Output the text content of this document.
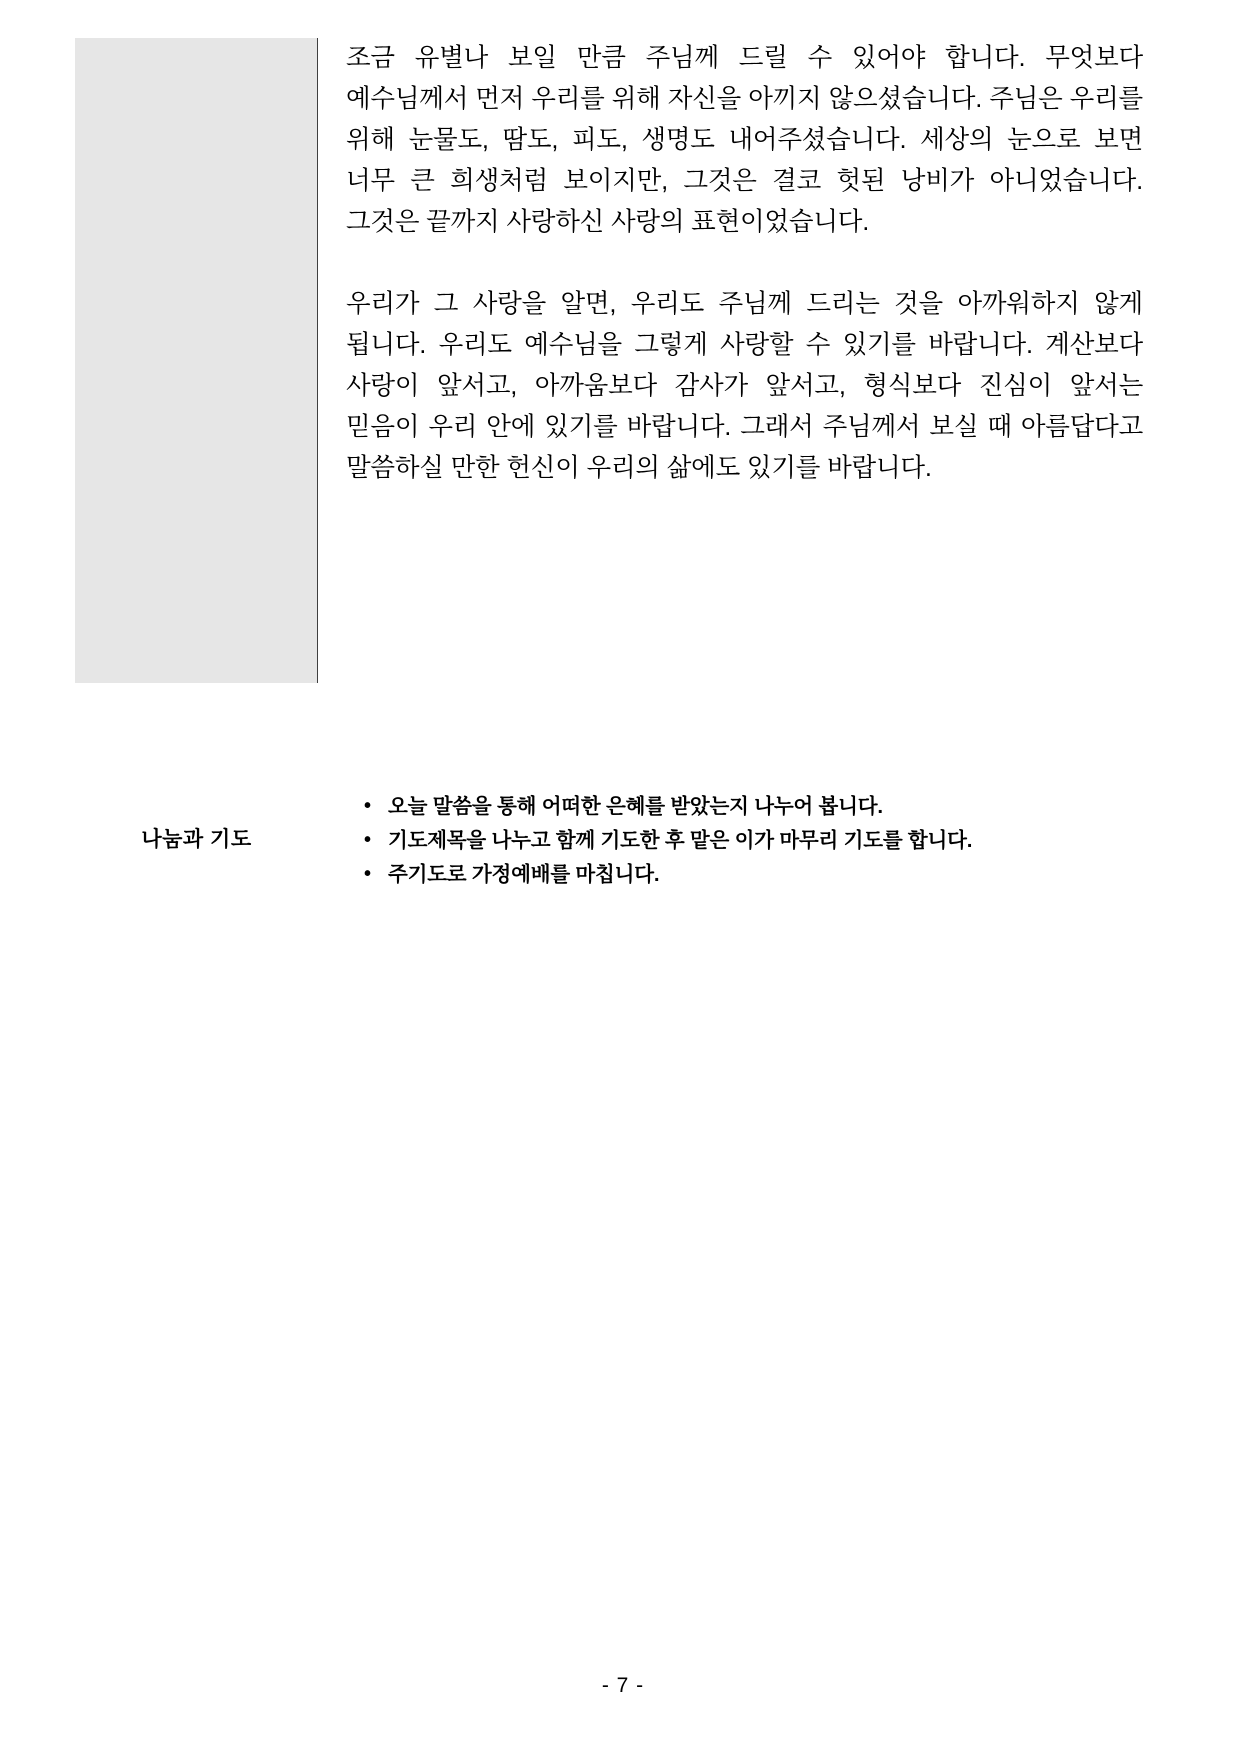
조금 유별나 보일 만큼 주님께 드릴 수 있어야 합니다. 무엇보다 예수님께서 먼저 우리를 위해 자신을 아끼지 않으셨습니다. 주님은 우리를 위해 눈물도, 땀도, 피도, 생명도 내어주셨습니다. 세상의 눈으로 보면 너무 큰 희생처럼 보이지만, 그것은 결코 헛된 낭비가 아니었습니다. 그것은 끝까지 사랑하신 사랑의 표현이었습니다.

우리가 그 사랑을 알면, 우리도 주님께 드리는 것을 아까워하지 않게 됩니다. 우리도 예수님을 그렇게 사랑할 수 있기를 바랍니다. 계산보다 사랑이 앞서고, 아까움보다 감사가 앞서고, 형식보다 진심이 앞서는 믿음이 우리 안에 있기를 바랍니다. 그래서 주님께서 보실 때 아름답다고 말씀하실 만한 헌신이 우리의 삶에도 있기를 바랍니다.

나눔과 기도
• 오늘 말씀을 통해 어떠한 은혜를 받았는지 나누어 봅니다.
• 기도제목을 나누고 함께 기도한 후 맡은 이가 마무리 기도를 합니다.
• 주기도로 가정예배를 마칩니다.
- 7 -
